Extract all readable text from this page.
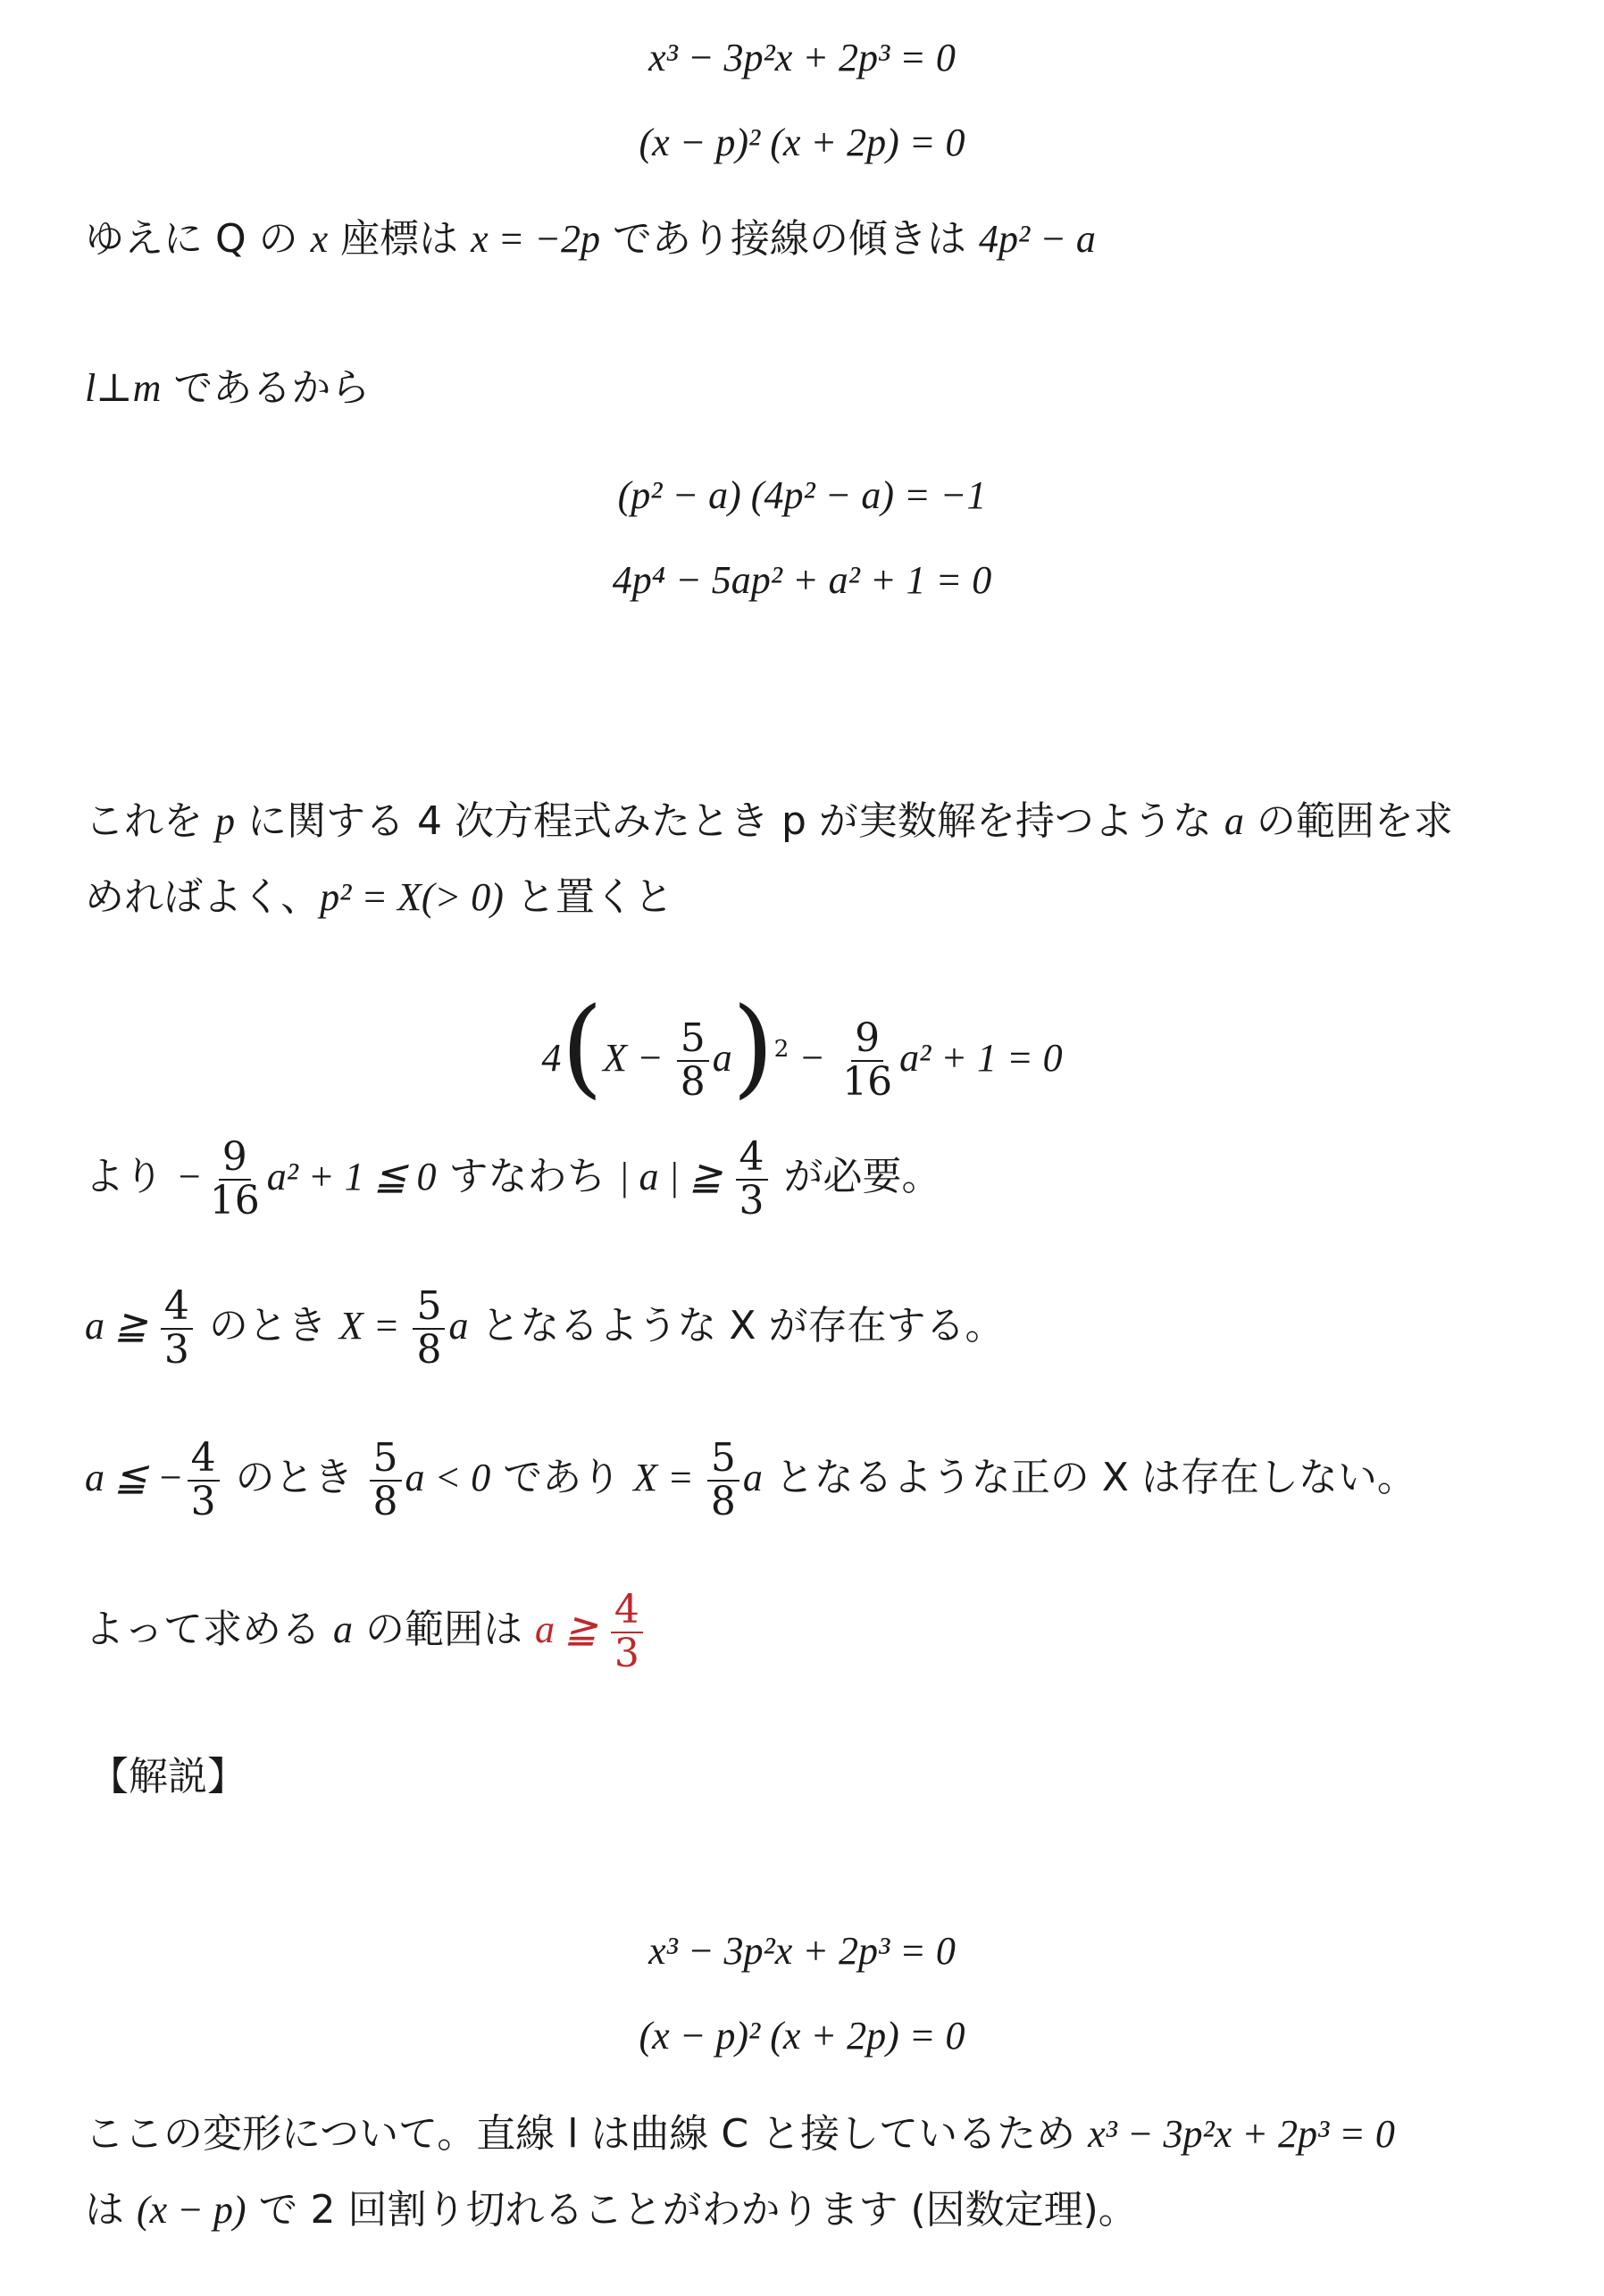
x³ − 3p²x + 2p³ = 0
(x − p)² (x + 2p) = 0
ゆえに Q の x 座標は x = −2p であり接線の傾きは 4p² − a
l⊥m であるから
(p² − a) (4p² − a) = −1
4p⁴ − 5ap² + a² + 1 = 0
これを p に関する 4 次方程式みたとき p が実数解を持つような a の範囲を求
めればよく、p² = X(> 0) と置くと
$4(X - \frac{5}{8} a)^2 - \frac{9}{16} a^2 + 1 = 0$
より − $\frac{9}{16} a^2 + 1$ ≦ 0 すなわち | a | ≧ $\frac{4}{3}$ が必要。
a ≧ $\frac{4}{3}$ のとき $X = \frac{5}{8}$ a となるような X が存在する。
a ≦ − $\frac{4}{3}$ のとき $\frac{5}{8}$ a < 0 であり $X = \frac{5}{8}$ a となるような正の X は存在しない。
よって求める a の範囲は a ≧ $\frac{4}{3}$
【解説】
x³ − 3p²x + 2p³ = 0
(x − p)² (x + 2p) = 0
ここの変形について。直線 l は曲線 C と接しているため x³ − 3p²x + 2p³ = 0
は (x − p) で 2 回割り切れることがわかります (因数定理)。
